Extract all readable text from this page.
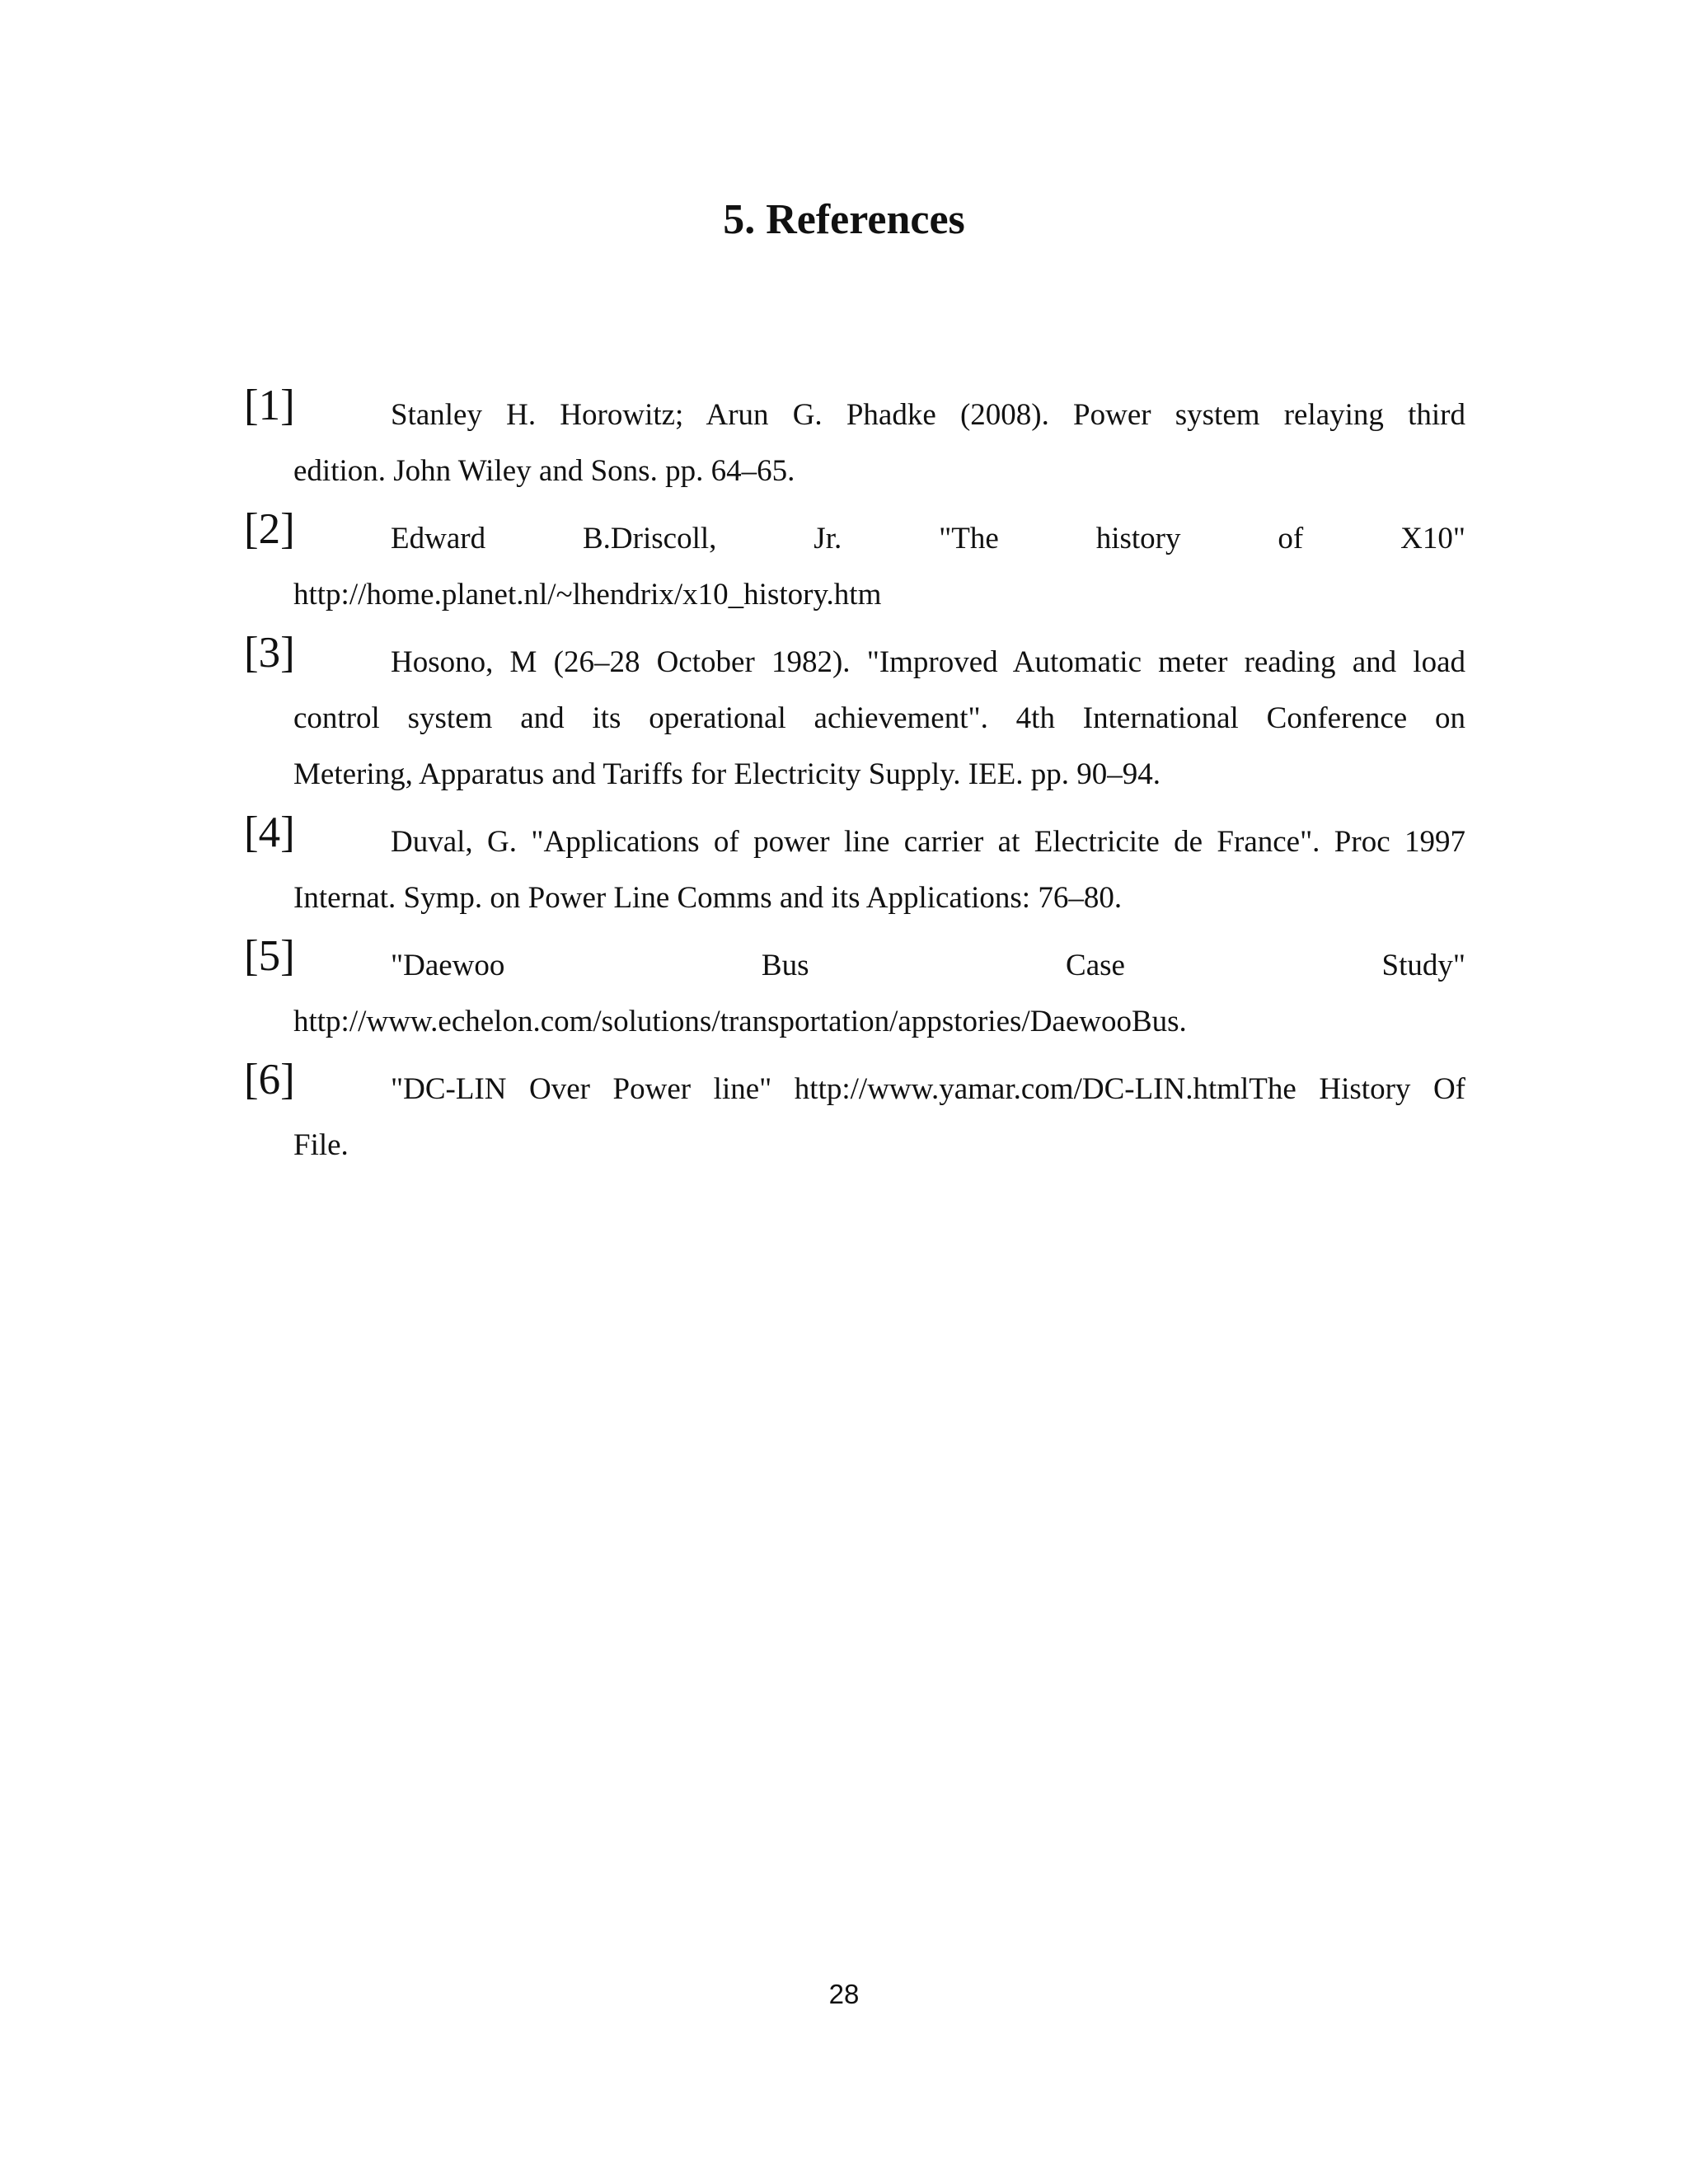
5. References
[1]	Stanley H. Horowitz; Arun G. Phadke (2008). Power system relaying third
edition. John Wiley and Sons. pp. 64–65.
[2]	Edward B.Driscoll, Jr. "The history of X10"
http://home.planet.nl/~lhendrix/x10_history.htm
[3]	Hosono, M (26–28 October 1982). "Improved Automatic meter reading and load
control system and its operational achievement". 4th International Conference on
Metering, Apparatus and Tariffs for Electricity Supply. IEE. pp. 90–94.
[4]	Duval, G. "Applications of power line carrier at Electricite de France". Proc 1997
Internat. Symp. on Power Line Comms and its Applications: 76–80.
[5]	"Daewoo Bus Case Study"
http://www.echelon.com/solutions/transportation/appstories/DaewooBus.
[6]	"DC-LIN Over Power line" http://www.yamar.com/DC-LIN.htmlThe History Of
File.
28
